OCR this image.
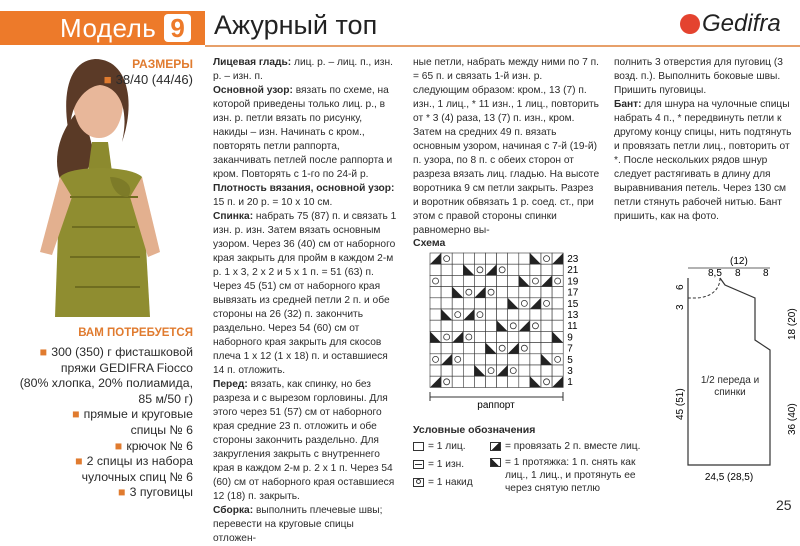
Модель 9 Ажурный топ	Gedifra
РАЗМЕРЫ
■ 38/40 (44/46)
ВАМ ПОТРЕБУЕТСЯ
■ 300 (350) г фисташковой
пряжи GEDIFRA Fiocco
(80% хлопка, 20% полиамида,
85 м/50 г)
■ прямые и круговые
спицы № 6
■ крючок № 6
■ 2 спицы из набора
чулочных спиц № 6
■ 3 пуговицы

Лицевая гладь: лиц. р. – лиц. п., изн. р. – изн. п.

Основной узор: вязать по схеме, на которой приведены только лиц. р., в изн. р. петли вязать по рисунку, накиды – изн. Начинать с кром., повторять петли раппорта, заканчивать петлей после раппорта и кром. Повторять с 1-го по 24-й р.

Плотность вязания, основной узор: 15 п. и 20 р. = 10 х 10 см.

Спинка: набрать 75 (87) п. и связать 1 изн. р. изн. Затем вязать основным узором. Через 36 (40) см от наборного края закрыть для пройм в каждом 2-м р. 1 х 3, 2 х 2 и 5 х 1 п. = 51 (63) п. Через 45 (51) см от наборного края вывязать из средней петли 2 п. и обе стороны на 26 (32) п. закончить раздельно. Через 54 (60) см от наборного края закрыть для скосов плеча 1 х 12 (1 х 18) п. и оставшиеся 14 п. отложить.

Перед: вязать, как спинку, но без разреза и с вырезом горловины. Для этого через 51 (57) см от наборного края средние 23 п. отложить и обе стороны закончить раздельно. Для закругления закрыть с внутреннего края в каждом 2-м р. 2 х 1 п. Через 54 (60) см от наборного края оставшиеся 12 (18) п. закрыть.

Сборка: выполнить плечевые швы; перевести на круговые спицы отложен-

ные петли, набрать между ними по 7 п. = 65 п. и связать 1-й изн. р. следующим образом: кром., 13 (7) п. изн., 1 лиц., * 11 изн., 1 лиц., повторить от * 3 (4) раза, 13 (7) п. изн., кром. Затем на средних 49 п. вязать основным узором, начиная с 7-й (19-й) п. узора, по 8 п. с обеих сторон от разреза вязать лиц. гладью. На высоте воротника 9 см петли закрыть. Разрез и воротник обвязать 1 р. соед. ст., при этом с правой стороны спинки равномерно вы-

полнить 3 отверстия для пуговиц (3 возд. п.). Выполнить боковые швы. Пришить пуговицы.

Бант: для шнура на чулочные спицы набрать 4 п., * передвинуть петли к другому концу спицы, нить подтянуть и провязать петли лиц., повторить от *. После нескольких рядов шнур следует растягивать в длину для выравнивания петель. Через 130 см петли стянуть рабочей нитью. Бант пришить, как на фото.

Схема
23
21
19
17
15
13
11
9
7
5
3
1
раппорт
Условные обозначения
= 1 лиц.
= 1 изн.
= 1 накид
= провязать 2 п. вместе лиц.
= 1 протяжка: 1 п. снять как лиц., 1 лиц., и протянуть ее через снятую петлю
8,5
(12)
8 8
6
3
45 (51)
18 (20)
36 (40)
24,5 (28,5)
1/2 переда и спинки
25
